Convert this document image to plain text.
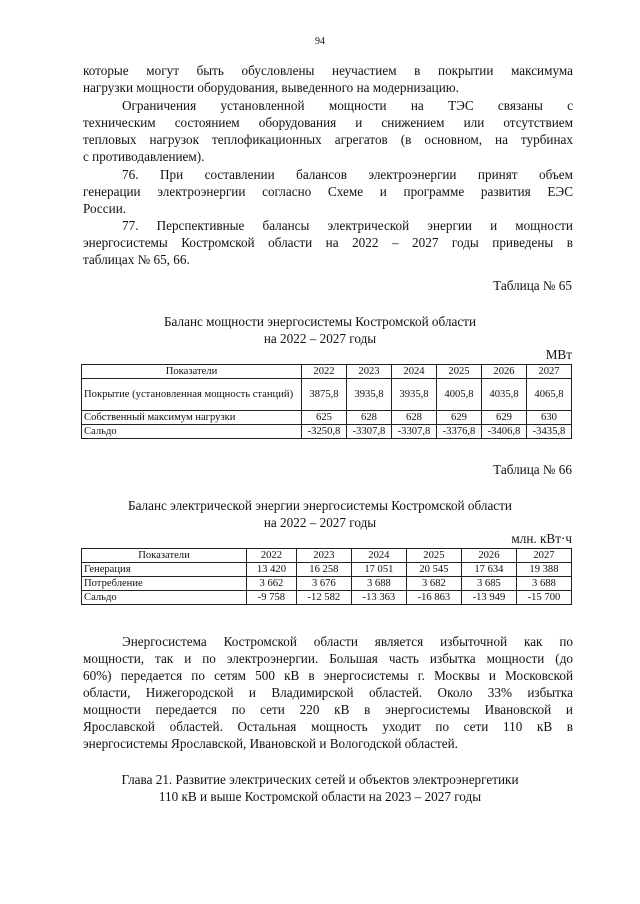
94
которые могут быть обусловлены неучастием в покрытии максимума
нагрузки мощности оборудования, выведенного на модернизацию.
Ограничения установленной мощности на ТЭС связаны с
техническим состоянием оборудования и снижением или отсутствием
тепловых нагрузок теплофикационных агрегатов (в основном, на турбинах
с противодавлением).
76. При составлении балансов электроэнергии принят объем
генерации электроэнергии согласно Схеме и программе развития ЕЭС
России.
77. Перспективные балансы электрической энергии и мощности
энергосистемы Костромской области на 2022 – 2027 годы приведены в
таблицах № 65, 66.
Таблица № 65
Баланс мощности энергосистемы Костромской области
на 2022 – 2027 годы
МВт
Показатели	2022	2023	2024	2025	2026	2027
Покрытие (установленная мощность станций)	3875,8	3935,8	3935,8	4005,8	4035,8	4065,8
Собственный максимум нагрузки	625	628	628	629	629	630
Сальдо	-3250,8	-3307,8	-3307,8	-3376,8	-3406,8	-3435,8
Таблица № 66
Баланс электрической энергии энергосистемы Костромской области
на 2022 – 2027 годы
млн. кВт·ч
Показатели	2022	2023	2024	2025	2026	2027
Генерация	13 420	16 258	17 051	20 545	17 634	19 388
Потребление	3 662	3 676	3 688	3 682	3 685	3 688
Сальдо	-9 758	-12 582	-13 363	-16 863	-13 949	-15 700
Энергосистема Костромской области является избыточной как по
мощности, так и по электроэнергии. Большая часть избытка мощности (до
60%) передается по сетям 500 кВ в энергосистемы г. Москвы и Московской
области, Нижегородской и Владимирской областей. Около 33% избытка
мощности передается по сети 220 кВ в энергосистемы Ивановской и
Ярославской областей. Остальная мощность уходит по сети 110 кВ в
энергосистемы Ярославской, Ивановской и Вологодской областей.
Глава 21. Развитие электрических сетей и объектов электроэнергетики
110 кВ и выше Костромской области на 2023 – 2027 годы
